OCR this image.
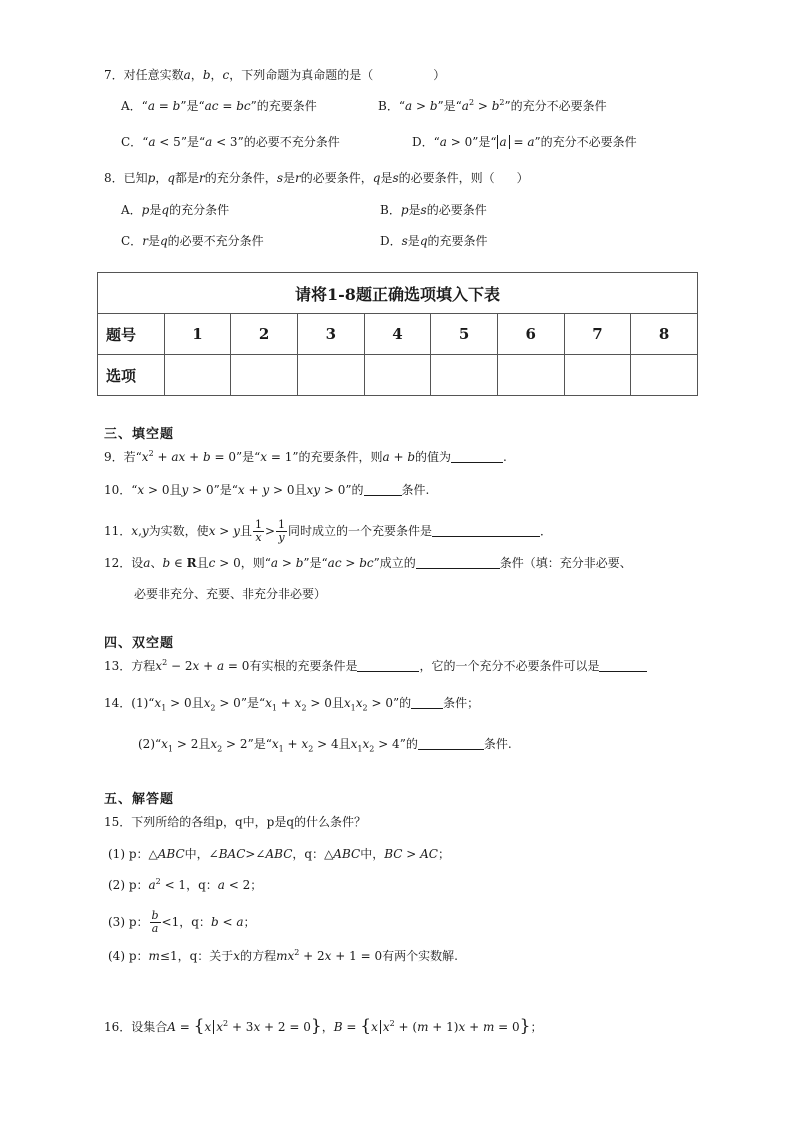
7．对任意实数a，b，c，下列命题为真命题的是（	）
A．“a = b”是“ac = bc”的充要条件	B．“a > b”是“$a^2 > b^2$”的充分不必要条件
C．“a < 5”是“a < 3”的必要不充分条件	D．“a > 0”是“ a = a”的充分不必要条件
8．已知p，q都是r的充分条件，s是r的必要条件，q是s的必要条件，则（ ）
A．p是q的充分条件	B．p是s的必要条件
C．r是q的必要不充分条件	D．s是q的充要条件
请将1-8题正确选项填入下表								
题号	1	2	3	4	5	6	7	8
选项								
三、填空题
9．若“$x^2$ + ax + b = 0”是“x = 1”的充要条件，则a + b的值为	.
10．“x > 0且y > 0”是“x + y > 0且xy > 0”的	条件.
11．x,y为实数，使x > y且 $\frac{1}{x} > \frac{1}{y}$ 同时成立的一个充要条件是	．
12．设a、b ∈ R且c > 0，则“a > b”是“ac > bc”成立的	条件（填：充分非必要、
必要非充分、充要、非充分非必要）
四、双空题
13．方程$x^2 - 2x + a = 0$有实根的充要条件是	，它的一个充分不必要条件可以是
14．$(1)“x_1 > 0$且$x_2 > 0$”是“$x_1 + x_2 > 0$且$x_1x_2 > 0$”的	条件；
$(2)“x_1 > 2$且$x_2 > 2$”是“$x_1 + x_2 > 4$且$x_1x_2 > 4$”的	条件.
五、解答题
15．下列所给的各组p，q中，p是q的什么条件？
(1) p：△ABC中，∠BAC>∠ABC，q：△ABC中，BC > AC；
(2) p：$a^2 < 1$，q：a < 2；
(3) p： $\frac{b}{a} <1$，q：b < a；
(4) p：m≤1，q：关于x的方程$mx^2 + 2x + 1 = 0$有两个实数解.
16．设集合A = {x $x^2 + 3x + 2 = 0$}，B = {x $x^2 + (m + 1)x + m = 0$}；
